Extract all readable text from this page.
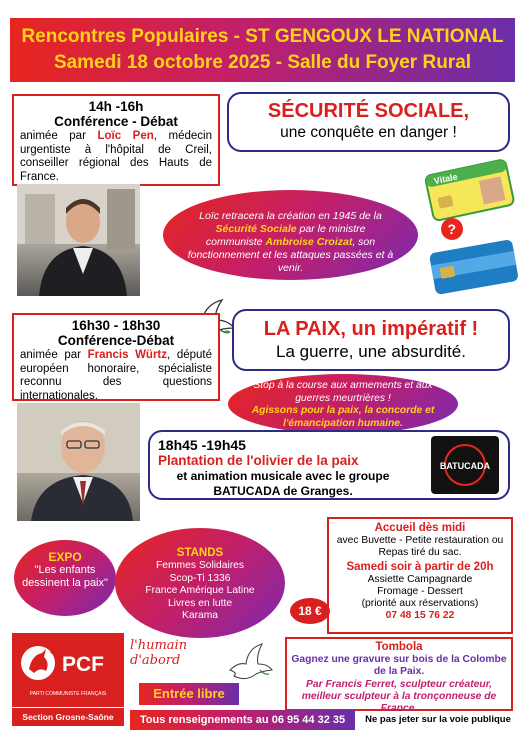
Rencontres Populaires - ST GENGOUX LE NATIONAL
Samedi 18 octobre 2025 - Salle du Foyer Rural
14h -16h
Conférence - Débat
animée par Loïc Pen, médecin urgentiste à l'hôpital de Creil, conseiller régional des Hauts de France.
SÉCURITÉ SOCIALE,
une conquête en danger !
Vitale
?
Loïc retracera la création en 1945 de la Sécurité Sociale par le ministre communiste Ambroise Croizat, son fonctionnement et les attaques passées et à venir.
16h30 - 18h30
Conférence-Débat
animée par Francis Würtz, député européen honoraire, spécialiste reconnu des questions internationales.
LA PAIX, un impératif !
La guerre, une absurdité.
Stop à la course aux armements et aux guerres meurtrières !
Agissons pour la paix, la concorde et l'émancipation humaine.
18h45 -19h45
Plantation de l'olivier de la paix
et animation musicale avec le groupe BATUCADA de Granges.
BATUCADA
Accueil dès midi
avec Buvette - Petite restauration ou Repas tiré du sac.
Samedi soir à partir de 20h
Assiette Campagnarde
Fromage - Dessert
(priorité aux réservations)
07 48 15 76 22
18 €
EXPO
"Les enfants dessinent la paix"
STANDS
Femmes Solidaires
Scop-Ti 1336
France Amérique Latine
Livres en lutte
Karama
PCF
PARTI COMMUNISTE FRANÇAIS
Section Grosne-Saône
l'humain
d'abord
Entrée libre
Tombola
Gagnez une gravure sur bois de la Colombe de la Paix.
Par Francis Ferret, sculpteur créateur, meilleur sculpteur à la tronçonneuse de France.
Tous renseignements au 06 95 44 32 35	Ne pas jeter sur la voie publique
